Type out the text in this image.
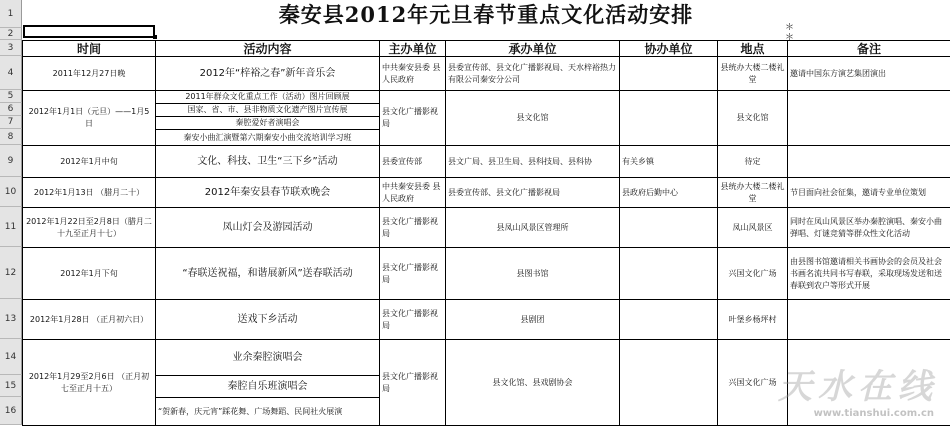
1
2
3
4
5
6
7
8
9
10
11
12
13
14
15
16
秦安县2012年元旦春节重点文化活动安排
＊
＊
时间	活动内容	主办单位	承办单位	协办单位	地点	备注
2011年12月27日晚	2012年“梓裕之春”新年音乐会	中共秦安县委 县人民政府	县委宣传部、县文化广播影视局、天水梓裕热力有限公司秦安分公司		县统办大楼二楼礼堂	邀请中国东方演艺集团演出
2012年1月1日（元旦）——1月5日	2011年群众文化重点工作（活动）图片回顾展	县文化广播影视局	县文化馆		县文化馆	
	国家、省、市、县非物质文化遗产图片宣传展					
	秦腔爱好者演唱会					
	秦安小曲汇演暨第六期秦安小曲交流培训学习班					
2012年1月中旬	文化、科技、卫生“三下乡”活动	县委宣传部	县文广局、县卫生局、县科技局、县科协	有关乡镇	待定	
2012年1月13日 （腊月二十）	2012年秦安县春节联欢晚会	中共秦安县委 县人民政府	县委宣传部、县文化广播影视局	县政府后勤中心	县统办大楼二楼礼堂	节目面向社会征集，邀请专业单位策划
2012年1月22日至2月8日（腊月二十九至正月十七）	凤山灯会及游园活动	县文化广播影视局	县凤山风景区管理所		凤山风景区	同时在凤山风景区举办秦腔演唱、秦安小曲弹唱、灯谜竞猜等群众性文化活动
2012年1月下旬	“春联送祝福，和谐展新风”送春联活动	县文化广播影视局	县图书馆		兴国文化广场	由县图书馆邀请相关书画协会的会员及社会书画名流共同书写春联，采取现场发送和送春联到农户等形式开展
2012年1月28日 （正月初六日）	送戏下乡活动	县文化广播影视局	县剧团		叶堡乡杨坪村	
2012年1月29至2月6日 （正月初七至正月十五）	业余秦腔演唱会	县文化广播影视局	县文化馆、县戏剧协会		兴国文化广场	
	秦腔自乐班演唱会					
	“贺新春，庆元宵”踩花舞、广场舞蹈、民间社火展演					
天水在线
www.tianshui.com.cn
